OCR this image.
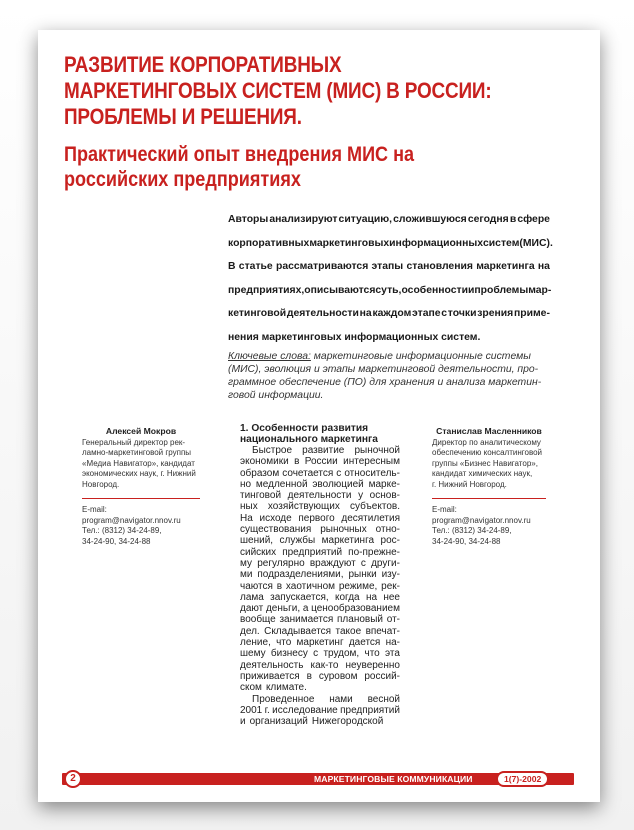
РАЗВИТИЕ КОРПОРАТИВНЫХ
МАРКЕТИНГОВЫХ СИСТЕМ (МИС) В РОССИИ:
ПРОБЛЕМЫ И РЕШЕНИЯ.
Практический опыт внедрения МИС на
российских предприятиях
Авторы анализируют ситуацию, сложившуюся сегодня в сфере
корпоративных маркетинговых информационных систем (МИС).
В статье рассматриваются этапы становления маркетинга на
предприятиях, описываются суть, особенности и проблемы мар-
кетинговой деятельности на каждом этапе с точки зрения приме-
нения маркетинговых информационных систем.
Ключевые слова: маркетинговые информационные системы
(МИС), эволюция и этапы маркетинговой деятельности, про-
граммное обеспечение (ПО) для хранения и анализа маркетин-
говой информации.
Алексей Мокров
Генеральный директор рек-
ламно-маркетинговой группы
«Медиа Навигатор», кандидат
экономических наук, г. Нижний
Новгород.
E-mail:
program@navigator.nnov.ru
Тел.: (8312) 34-24-89,
34-24-90, 34-24-88
1. Особенности развития
национального маркетинга
Быстрое развитие рыночной
экономики в России интересным
образом сочетается с относитель-
но медленной эволюцией марке-
тинговой деятельности у основ-
ных хозяйствующих субъектов.
На исходе первого десятилетия
существования рыночных отно-
шений, службы маркетинга рос-
сийских предприятий по-прежне-
му регулярно враждуют с други-
ми подразделениями, рынки изу-
чаются в хаотичном режиме, рек-
лама запускается, когда на нее
дают деньги, а ценообразованием
вообще занимается плановый от-
дел. Складывается такое впечат-
ление, что маркетинг дается на-
шему бизнесу с трудом, что эта
деятельность как-то неуверенно
приживается в суровом россий-
ском климате.
Проведенное нами весной
2001 г. исследование предприятий
и организаций Нижегородской
Станислав Масленников
Директор по аналитическому
обеспечению консалтинговой
группы «Бизнес Навигатор»,
кандидат химических наук,
г. Нижний Новгород.
E-mail:
program@navigator.nnov.ru
Тел.: (8312) 34-24-89,
34-24-90, 34-24-88
2	МАРКЕТИНГОВЫЕ КОММУНИКАЦИИ	1(7)-2002
